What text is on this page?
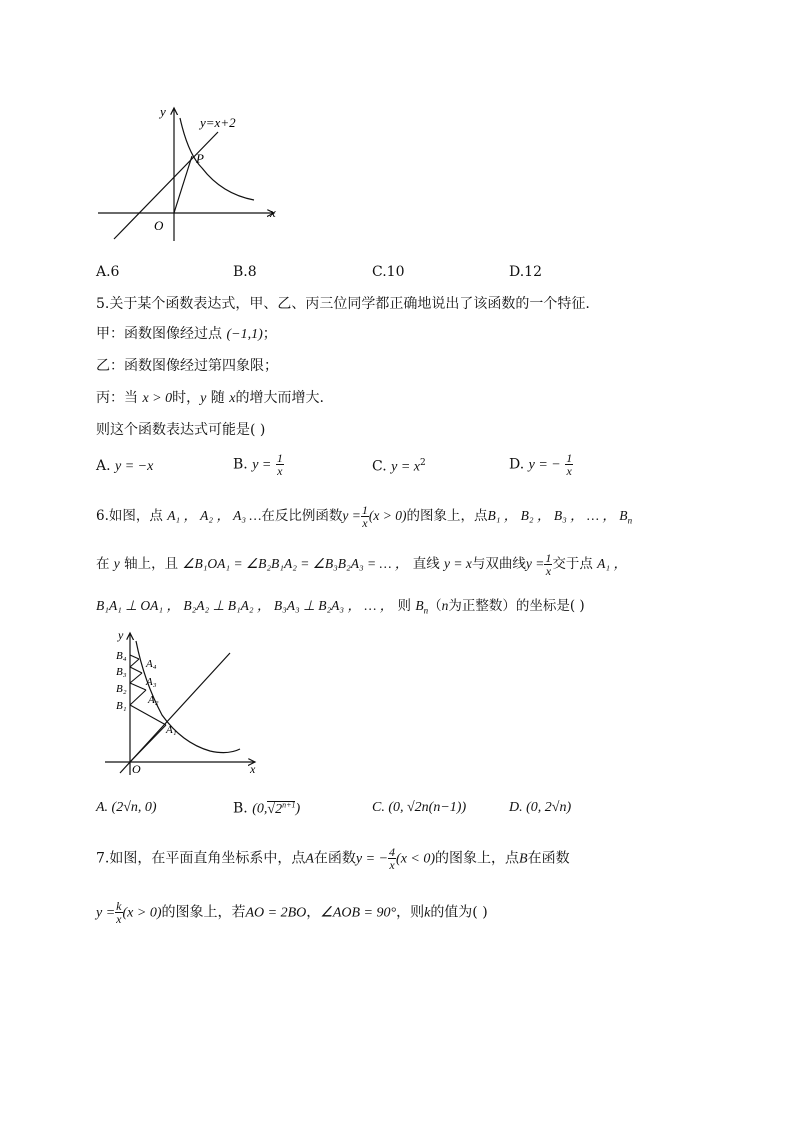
y
x
O
P
y=x+2
A.6	B.8	C.10	D.12
5.关于某个函数表达式，甲、乙、丙三位同学都正确地说出了该函数的一个特征.
甲：函数图像经过点 (−1,1)；
乙：函数图像经过第四象限；
丙：当 x > 0时，y 随 x的增大而增大.
则这个函数表达式可能是( )
A. y = −x	B. $y = \frac{1}{x}$	C. $y = x^2$	D. y = − $\frac{1}{x}$
6.如图，点 A₁ ， A₂ ， A₃ …在反比例函数$y = \frac{1}{x} (x > 0)$的图象上，点B₁ ， B₂ ， B₃ ， … ， $B_n$
在 y 轴上，且 ∠B₁OA₁ = ∠B₂B₁A₂ = ∠B₃B₂A₃ = … ， 直线 y = x与双曲线$y = \frac{1}{x}$ 交于点 A₁ ，
B₁A₁ ⊥ OA₁ ， B₂A₂ ⊥ B₁A₂ ， B₃A₃ ⊥ B₂A₃ ， … ， 则 $B_n(n$为正整数）的坐标是( )
y
x
O
B₄
B₃
B₂
B₁
A₄
A₃
A₂
A₁
A. (2√n, 0)	B. $(0,√2^{n+1})$	C. (0, √2n(n−1))	D. (0, 2√n)
7.如图，在平面直角坐标系中，点A在函数y = − $\frac{4}{x} (x < 0)$的图象上，点B在函数
$y = \frac{k}{x} (x > 0)$的图象上，若AO = 2BO，∠AOB = 90°，则k的值为( )
